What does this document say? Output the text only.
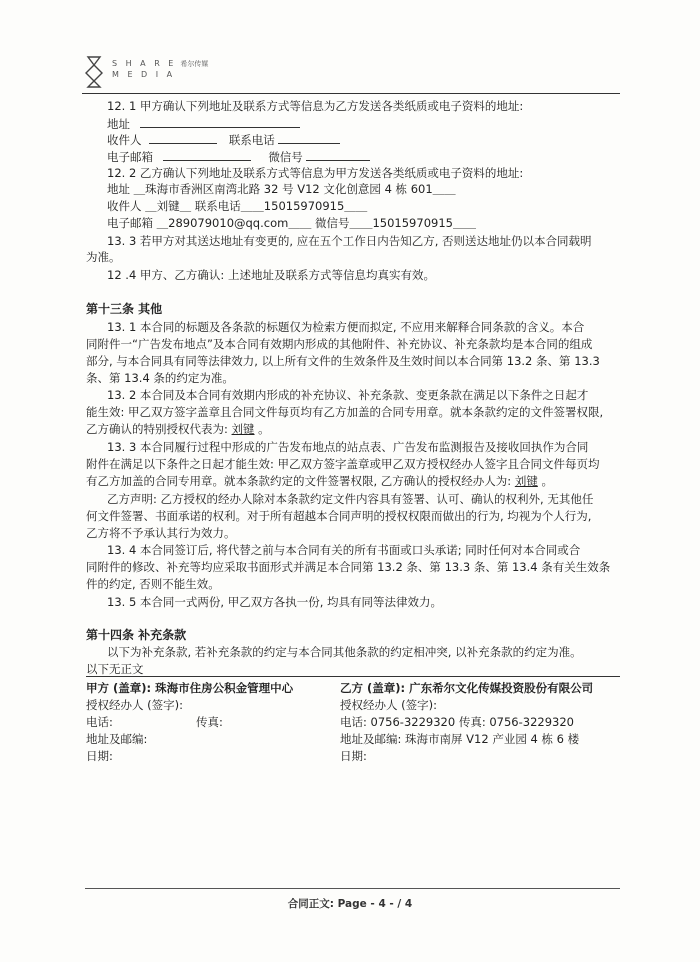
S H A R E 希尔传媒
M E D I A
12. 1 甲方确认下列地址及联系方式等信息为乙方发送各类纸质或电子资料的地址:
地址
收件人	联系电话
电子邮箱	微信号
12. 2 乙方确认下列地址及联系方式等信息为甲方发送各类纸质或电子资料的地址:
地址 ＿珠海市香洲区南湾北路 32 号 V12 文化创意园 4 栋 601＿＿
收件人 ＿刘键＿ 联系电话＿＿15015970915＿＿
电子邮箱 ＿289079010@qq.com＿＿ 微信号＿＿15015970915＿＿
13. 3 若甲方对其送达地址有变更的, 应在五个工作日内告知乙方, 否则送达地址仍以本合同载明
为准。
12 .4 甲方、乙方确认: 上述地址及联系方式等信息均真实有效。
第十三条 其他
13. 1 本合同的标题及各条款的标题仅为检索方便而拟定, 不应用来解释合同条款的含义。本合
同附件一“广告发布地点”及本合同有效期内形成的其他附件、补充协议、补充条款均是本合同的组成
部分, 与本合同具有同等法律效力, 以上所有文件的生效条件及生效时间以本合同第 13.2 条、第 13.3
条、第 13.4 条的约定为准。
13. 2 本合同及本合同有效期内形成的补充协议、补充条款、变更条款在满足以下条件之日起才
能生效: 甲乙双方签字盖章且合同文件每页均有乙方加盖的合同专用章。就本条款约定的文件签署权限,
乙方确认的特别授权代表为: 刘键 。
13. 3 本合同履行过程中形成的广告发布地点的站点表、广告发布监测报告及接收回执作为合同
附件在满足以下条件之日起才能生效: 甲乙双方签字盖章或甲乙双方授权经办人签字且合同文件每页均
有乙方加盖的合同专用章。就本条款约定的文件签署权限, 乙方确认的授权经办人为: 刘键 。
乙方声明: 乙方授权的经办人除对本条款约定文件内容具有签署、认可、确认的权利外, 无其他任
何文件签署、书面承诺的权利。对于所有超越本合同声明的授权权限而做出的行为, 均视为个人行为,
乙方将不予承认其行为效力。
13. 4 本合同签订后, 将代替之前与本合同有关的所有书面或口头承诺; 同时任何对本合同或合
同附件的修改、补充等均应采取书面形式并满足本合同第 13.2 条、第 13.3 条、第 13.4 条有关生效条
件的约定, 否则不能生效。
13. 5 本合同一式两份, 甲乙双方各执一份, 均具有同等法律效力。
第十四条 补充条款
以下为补充条款, 若补充条款的约定与本合同其他条款的约定相冲突, 以补充条款的约定为准。
以下无正文
甲方 (盖章): 珠海市住房公积金管理中心	乙方 (盖章): 广东希尔文化传媒投资股份有限公司
授权经办人 (签字):	授权经办人 (签字):
电话:	传真:	电话: 0756-3229320 传真: 0756-3229320
地址及邮编:	地址及邮编: 珠海市南屏 V12 产业园 4 栋 6 楼
日期:	日期:
合同正文: Page - 4 - / 4
